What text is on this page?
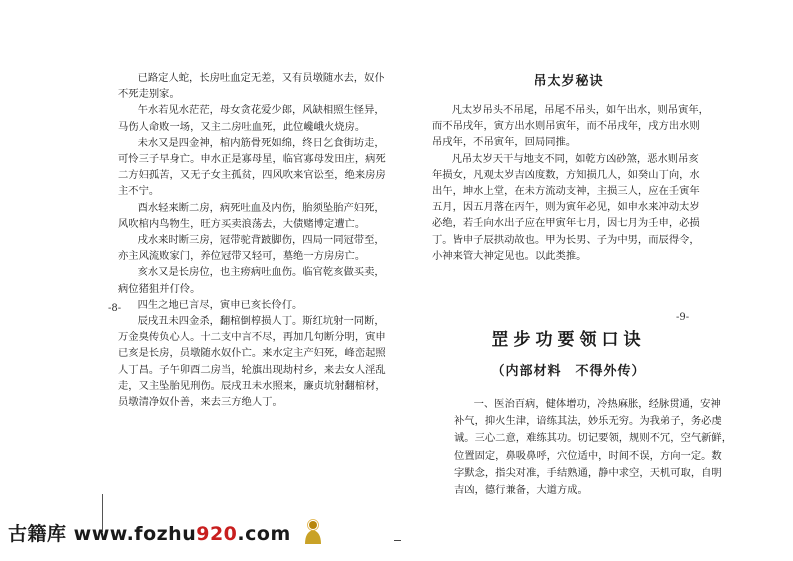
已路定人蛇，长房吐血定无差，又有员墩随水去，奴仆
不死走别家。
午水若见水茫茫，母女贪花爱少郎，风缺相照生怪异，
马伤人命败一场，又主二房吐血死，此位巉峨火烧房。
未水又是四金神，棺内筋骨死如绵，终日乞食街坊走，
可怜三子早身亡。申水正是寡母星，临官寡母发田庄，病死
二方妇孤苦，又无子女主孤贫，四风吹来官讼至，绝来房房
主不宁。
酉水轻来断二房，病死吐血及内伤，胎须坠胎产妇死，
风吹棺内鸟物生，旺方买卖浪荡去，大债赌博定遭亡。
戌水来时断三房，冠带驼背跛脚伤，四局一同冠带至，
亦主风流败家门，养位冠带又轻可，墓绝一方房房亡。
亥水又是长房位，也主痨病吐血伤。临官乾亥做买卖，
病位猪狙并仃伶。
四生之地已言尽，寅申已亥长伶仃。
辰戌丑未四金杀，翻棺倒椁损人丁。斯红坑射一同断，
万金臭传负心人。十二支中言不尽，再加几句断分明，寅申
已亥是长房，员墩随水奴仆亡。来水定主产妇死，峰峦起照
人丁昌。子午卯酉二房当，轮旗出现劫村乡，来去女人淫乱
走，又主坠胎见刑伤。辰戌丑未水照来，廉贞坑射翻棺材，
员墩清净奴仆善，来去三方绝人丁。
凡太岁吊头不吊尾，吊尾不吊头，如午出水，则吊寅年，
而不吊戌年，寅方出水则吊寅年，而不吊戌年，戌方出水则
吊戌年，不吊寅年，回局同推。
凡吊太岁天干与地支不同，如乾方凶砂煞，恶水则吊亥
年损女，凡观太岁吉凶度数，方知损几人，如癸山丁向，水
出午，坤水上堂，在未方流动支神，主损三人，应在壬寅年
五月，因五月落在丙午，则为寅年必见，如申水来冲动太岁
必绝，若壬向水出子应在甲寅年七月，因七月为壬申，必损
丁。皆申子辰拱动故也。甲为长男、子为中男，而辰得令，
小神来管大神定见也。以此类推。
吊太岁秘诀
罡步功要领口诀
（内部材料　不得外传）
一、医治百病，健体增功，冷热麻胀，经脉贯通，安神
补气，抑火生津，谙练其法，妙乐无穷。为我弟子，务必虔
诚。三心二意，难练其功。切记要领，规则不冗，空气新鲜，
位置固定，鼻吸鼻呼，穴位适中，时间不误，方向一定。数
字默念，指尖对准，手结熟通，静中求空，天机可取，自明
吉凶，德行兼备，大道方成。
-8-
-9-
古籍库 www.fozhu920.com
